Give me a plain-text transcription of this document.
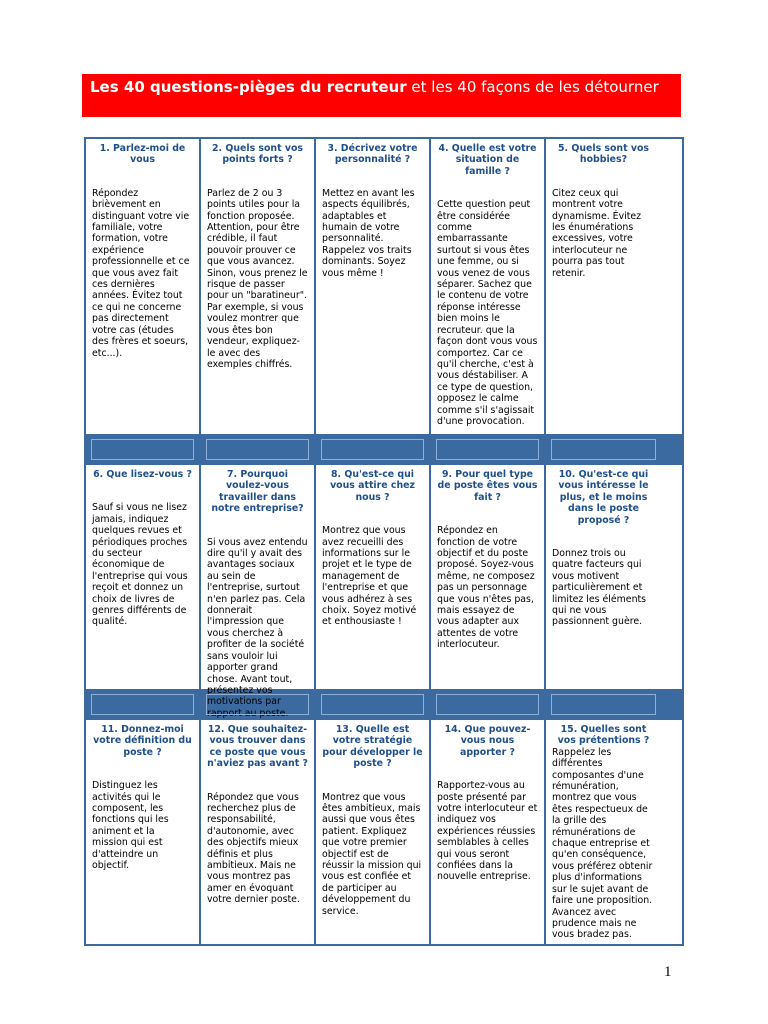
Les 40 questions-pièges du recruteur et les 40 façons de les détourner
1. Parlez-moi de vous
Répondez brièvement en distinguant votre vie familiale, votre formation, votre expérience professionnelle et ce que vous avez fait ces dernières années. Évitez tout ce qui ne concerne pas directement votre cas (études des frères et soeurs, etc...).
2. Quels sont vos points forts ?
Parlez de 2 ou 3 points utiles pour la fonction proposée. Attention, pour être crédible, il faut pouvoir prouver ce que vous avancez. Sinon, vous prenez le risque de passer pour un "baratineur". Par exemple, si vous voulez montrer que vous êtes bon vendeur, expliquez-le avec des exemples chiffrés.
3. Décrivez votre personnalité ?
Mettez en avant les aspects équilibrés, adaptables et humain de votre personnalité. Rappelez vos traits dominants. Soyez vous même !
4. Quelle est votre situation de famille ?
Cette question peut être considérée comme embarrassante surtout si vous êtes une femme, ou si vous venez de vous séparer. Sachez que le contenu de votre réponse intéresse bien moins le recruteur. que la façon dont vous vous comportez. Car ce qu'il cherche, c'est à vous déstabiliser. A ce type de question, opposez le calme comme s'il s'agissait d'une provocation.
5. Quels sont vos hobbies?
Citez ceux qui montrent votre dynamisme. Évitez les énumérations excessives, votre interlocuteur ne pourra pas tout retenir.
6. Que lisez-vous ?
Sauf si vous ne lisez jamais, indiquez quelques revues et périodiques proches du secteur économique de l'entreprise qui vous reçoit et donnez un choix de livres de genres différents de qualité.
7. Pourquoi voulez-vous travailler dans notre entreprise?
Si vous avez entendu dire qu'il y avait des avantages sociaux au sein de l'entreprise, surtout n'en parlez pas. Cela donnerait l'impression que vous cherchez à profiter de la société sans vouloir lui apporter grand chose. Avant tout, présentez vos motivations par rapport au poste.
8. Qu'est-ce qui vous attire chez nous ?
Montrez que vous avez recueilli des informations sur le projet et le type de management de l'entreprise et que vous adhérez à ses choix. Soyez motivé et enthousiaste !
9. Pour quel type de poste êtes vous fait ?
Répondez en fonction de votre objectif et du poste proposé. Soyez-vous même, ne composez pas un personnage que vous n'êtes pas, mais essayez de vous adapter aux attentes de votre interlocuteur.
10. Qu'est-ce qui vous intéresse le plus, et le moins dans le poste proposé ?
Donnez trois ou quatre facteurs qui vous motivent particulièrement et limitez les éléments qui ne vous passionnent guère.
11. Donnez-moi votre définition du poste ?
Distinguez les activités qui le composent, les fonctions qui les animent et la mission qui est d'atteindre un objectif.
12. Que souhaitez-vous trouver dans ce poste que vous n'aviez pas avant ?
Répondez que vous recherchez plus de responsabilité, d'autonomie, avec des objectifs mieux définis et plus ambitieux. Mais ne vous montrez pas amer en évoquant votre dernier poste.
13. Quelle est votre stratégie pour développer le poste ?
Montrez que vous êtes ambitieux, mais aussi que vous êtes patient. Expliquez que votre premier objectif est de réussir la mission qui vous est confiée et de participer au développement du service.
14. Que pouvez-vous nous apporter ?
Rapportez-vous au poste présenté par votre interlocuteur et indiquez vos expériences réussies semblables à celles qui vous seront confiées dans la nouvelle entreprise.
15. Quelles sont vos prétentions ?
Rappelez les différentes composantes d'une rémunération, montrez que vous êtes respectueux de la grille des rémunérations de chaque entreprise et qu'en conséquence, vous préférez obtenir plus d'informations sur le sujet avant de faire une proposition. Avancez avec prudence mais ne vous bradez pas.
1
